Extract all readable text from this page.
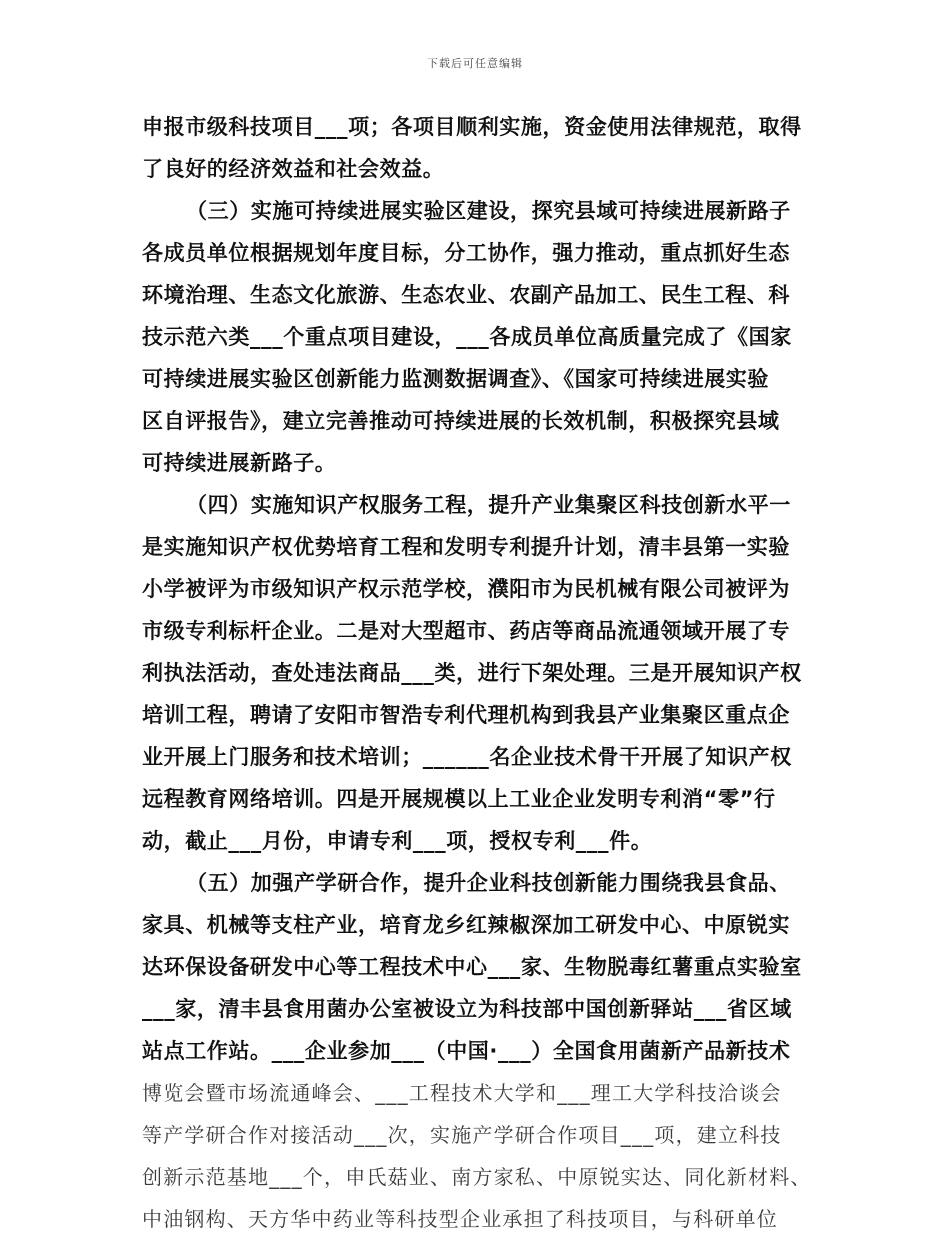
下载后可任意编辑
申报市级科技项目___项；各项目顺利实施，资金使用法律规范，取得
了良好的经济效益和社会效益。
（三）实施可持续进展实验区建设，探究县域可持续进展新路子
各成员单位根据规划年度目标，分工协作，强力推动，重点抓好生态
环境治理、生态文化旅游、生态农业、农副产品加工、民生工程、科
技示范六类___个重点项目建设，___各成员单位高质量完成了《国家
可持续进展实验区创新能力监测数据调查》、《国家可持续进展实验
区自评报告》，建立完善推动可持续进展的长效机制，积极探究县域
可持续进展新路子。
（四）实施知识产权服务工程，提升产业集聚区科技创新水平一
是实施知识产权优势培育工程和发明专利提升计划，清丰县第一实验
小学被评为市级知识产权示范学校，濮阳市为民机械有限公司被评为
市级专利标杆企业。二是对大型超市、药店等商品流通领域开展了专
利执法活动，查处违法商品___类，进行下架处理。三是开展知识产权
培训工程，聘请了安阳市智浩专利代理机构到我县产业集聚区重点企
业开展上门服务和技术培训；______名企业技术骨干开展了知识产权
远程教育网络培训。四是开展规模以上工业企业发明专利消“零”行
动，截止___月份，申请专利___项，授权专利___件。
（五）加强产学研合作，提升企业科技创新能力围绕我县食品、
家具、机械等支柱产业，培育龙乡红辣椒深加工研发中心、中原锐实
达环保设备研发中心等工程技术中心___家、生物脱毒红薯重点实验室
___家，清丰县食用菌办公室被设立为科技部中国创新驿站___省区域
站点工作站。___企业参加___（中国·___）全国食用菌新产品新技术
博览会暨市场流通峰会、___工程技术大学和___理工大学科技洽谈会
等产学研合作对接活动___次，实施产学研合作项目___项，建立科技
创新示范基地___个，申氏菇业、南方家私、中原锐实达、同化新材料、
中油钢构、天方华中药业等科技型企业承担了科技项目，与科研单位
